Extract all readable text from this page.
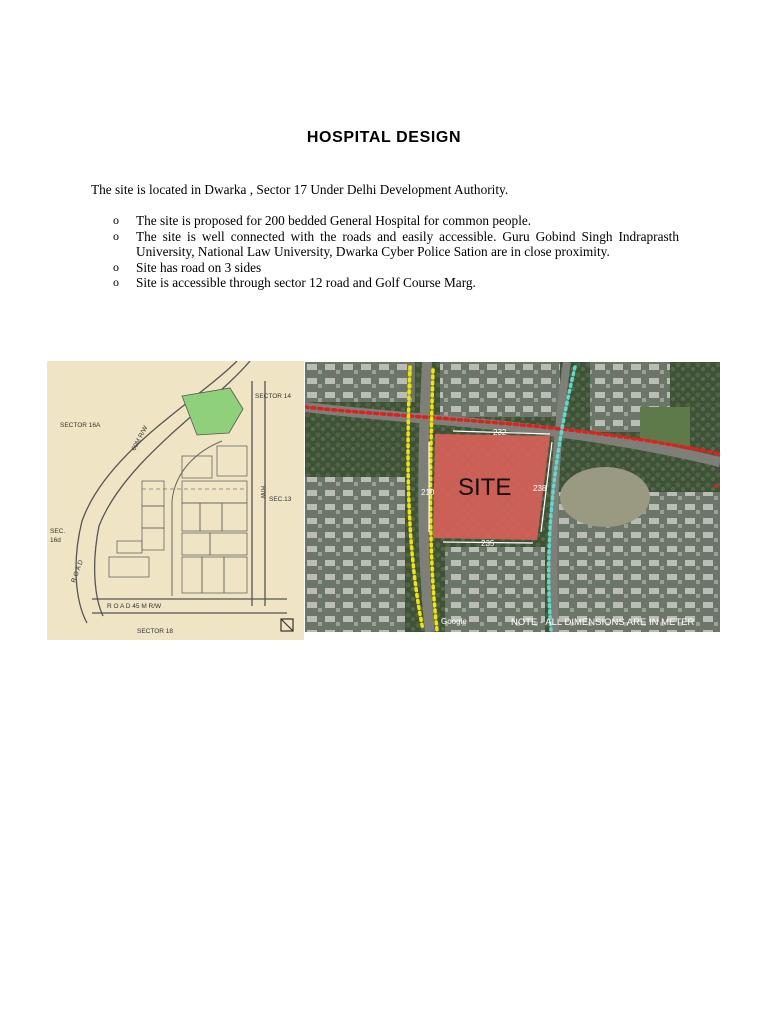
HOSPITAL DESIGN
The site is located in Dwarka , Sector 17 Under Delhi Development Authority.
o The site is proposed for 200 bedded General Hospital for common people.
o The site is well connected with the roads and easily accessible. Guru Gobind Singh Indraprasth University, National Law University, Dwarka Cyber Police Sation are in close proximity.
o Site has road on 3 sides
o Site is accessible through sector 12 road and Golf Course Marg.
SECTOR 14
SECTOR 16A
SEC.13
SEC.
16d
SECTOR 18
R O A D 45 M R/W
60M R/W
R O A D
R/W
232
235
210	238
SITE
Google	NOTE - ALL DIMENSIONS ARE IN METER
